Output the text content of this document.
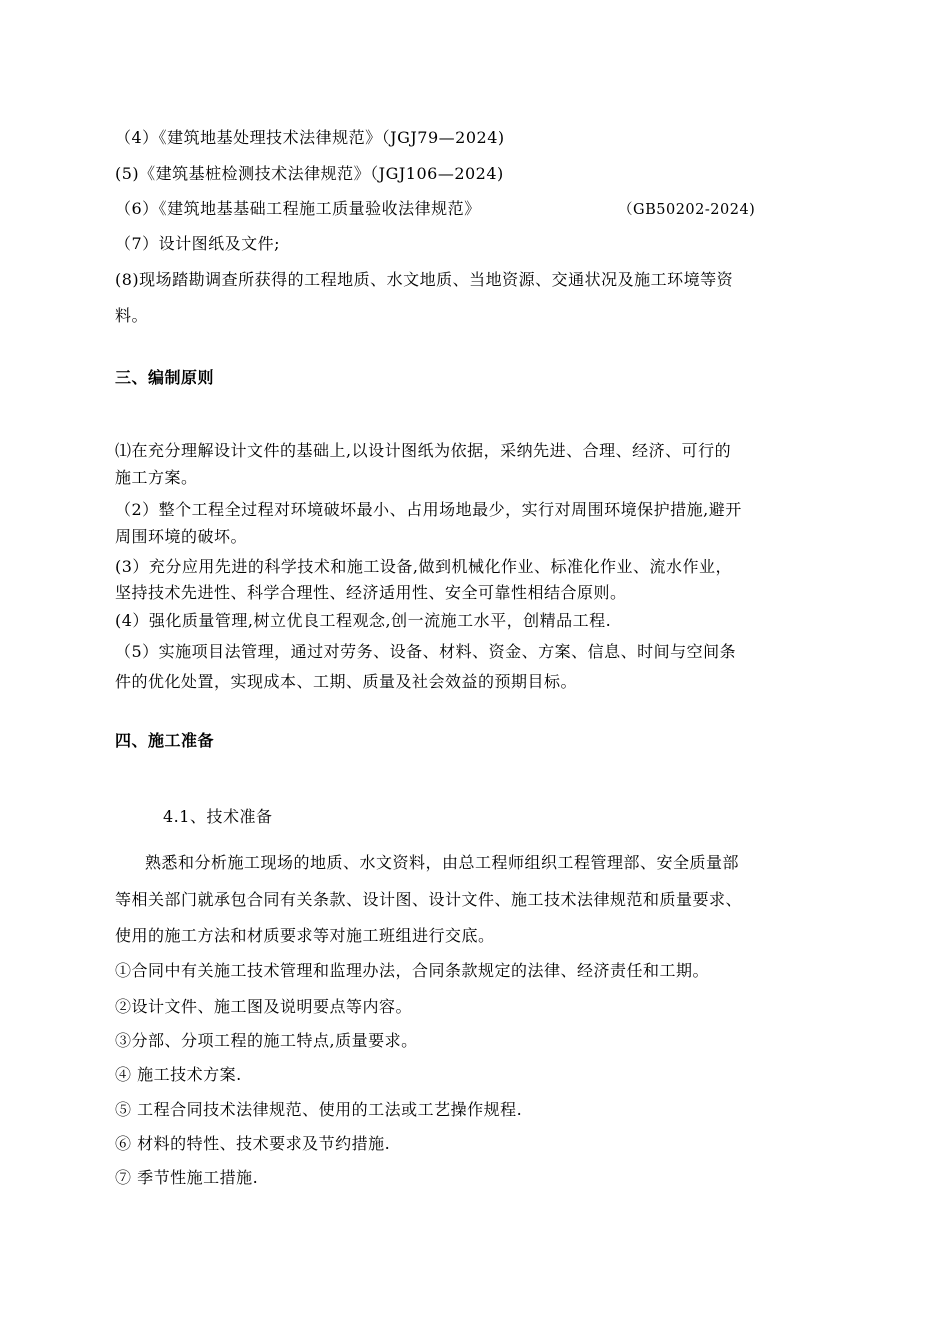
（4）《建筑地基处理技术法律规范》（JGJ79—2024)
(5)《建筑基桩检测技术法律规范》（JGJ106—2024)
（6）《建筑地基基础工程施工质量验收法律规范》	（GB50202-2024)
（7）设计图纸及文件;
(8)现场踏勘调查所获得的工程地质、水文地质、当地资源、交通状况及施工环境等资
料。
三、编制原则
⑴在充分理解设计文件的基础上,以设计图纸为依据，采纳先进、合理、经济、可行的
施工方案。
（2）整个工程全过程对环境破坏最小、占用场地最少，实行对周围环境保护措施,避开
周围环境的破坏。
(3）充分应用先进的科学技术和施工设备,做到机械化作业、标准化作业、流水作业，
坚持技术先进性、科学合理性、经济适用性、安全可靠性相结合原则。
(4）强化质量管理,树立优良工程观念,创一流施工水平，创精品工程.
（5）实施项目法管理，通过对劳务、设备、材料、资金、方案、信息、时间与空间条
件的优化处置，实现成本、工期、质量及社会效益的预期目标。
四、施工准备
4.1、技术准备
熟悉和分析施工现场的地质、水文资料，由总工程师组织工程管理部、安全质量部
等相关部门就承包合同有关条款、设计图、设计文件、施工技术法律规范和质量要求、
使用的施工方法和材质要求等对施工班组进行交底。
①合同中有关施工技术管理和监理办法，合同条款规定的法律、经济责任和工期。
②设计文件、施工图及说明要点等内容。
③分部、分项工程的施工特点,质量要求。
④ 施工技术方案.
⑤ 工程合同技术法律规范、使用的工法或工艺操作规程.
⑥ 材料的特性、技术要求及节约措施.
⑦ 季节性施工措施.
